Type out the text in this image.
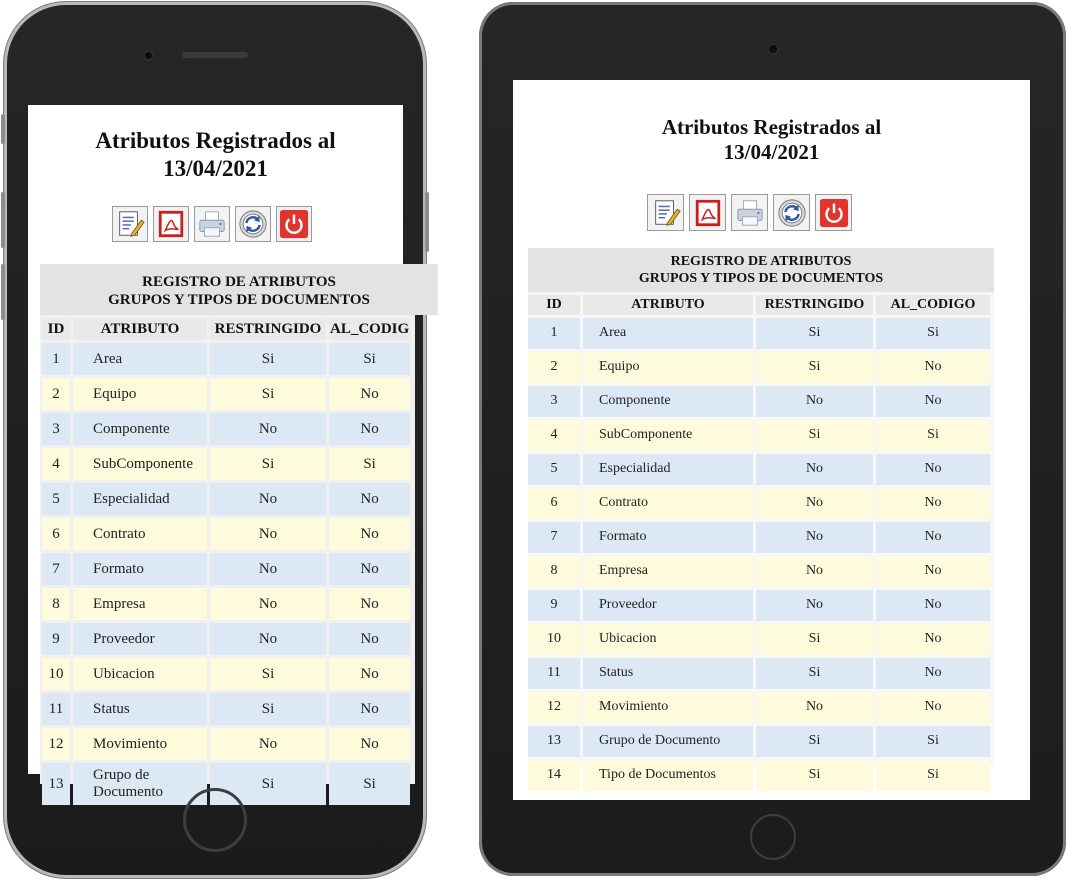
Atributos Registrados al
13/04/2021
REGISTRO DE ATRIBUTOS
GRUPOS Y TIPOS DE DOCUMENTOS
ID	ATRIBUTO	RESTRINGIDO	AL_CODIG
1	Area	Si	Si
2	Equipo	Si	No
3	Componente	No	No
4	SubComponente	Si	Si
5	Especialidad	No	No
6	Contrato	No	No
7	Formato	No	No
8	Empresa	No	No
9	Proveedor	No	No
10	Ubicacion	Si	No
11	Status	Si	No
12	Movimiento	No	No
13	Grupo de Documento	Si	Si
Atributos Registrados al
13/04/2021
REGISTRO DE ATRIBUTOS
GRUPOS Y TIPOS DE DOCUMENTOS
ID	ATRIBUTO	RESTRINGIDO	AL_CODIGO
1	Area	Si	Si
2	Equipo	Si	No
3	Componente	No	No
4	SubComponente	Si	Si
5	Especialidad	No	No
6	Contrato	No	No
7	Formato	No	No
8	Empresa	No	No
9	Proveedor	No	No
10	Ubicacion	Si	No
11	Status	Si	No
12	Movimiento	No	No
13	Grupo de Documento	Si	Si
14	Tipo de Documentos	Si	Si
